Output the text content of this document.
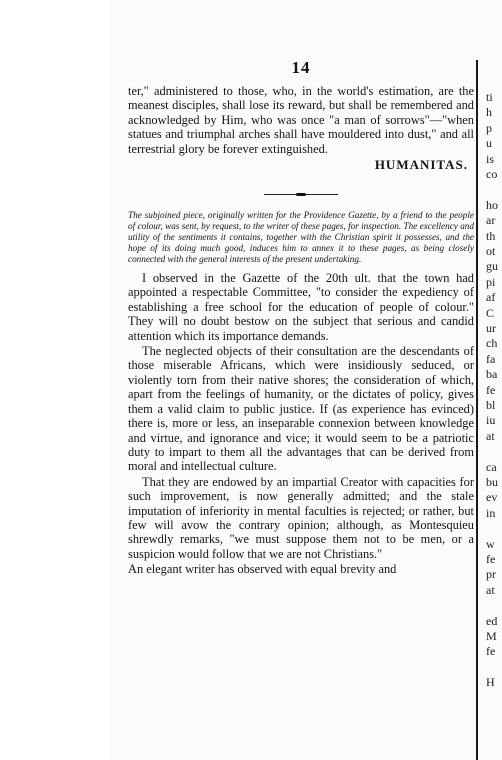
14

ter," administered to those, who, in the world's estimation, are the meanest disciples, shall lose its reward, but shall be remembered and acknowledged by Him, who was once "a man of sorrows"—"when statues and triumphal arches shall have mouldered into dust," and all terrestrial glory be forever extinguished.

HUMANITAS.

The subjoined piece, originally written for the Providence Gazette, by a friend to the people of colour, was sent, by request, to the writer of these pages, for inspection. The excellency and utility of the sentiments it contains, together with the Christian spirit it possesses, and the hope of its doing much good, induces him to annex it to these pages, as being closely connected with the general interests of the present undertaking.

I observed in the Gazette of the 20th ult. that the town had appointed a respectable Committee, "to consider the expediency of establishing a free school for the education of people of colour." They will no doubt bestow on the subject that serious and candid attention which its importance demands.

The neglected objects of their consultation are the descendants of those miserable Africans, which were insidiously seduced, or violently torn from their native shores; the consideration of which, apart from the feelings of humanity, or the dictates of policy, gives them a valid claim to public justice. If (as experience has evinced) there is, more or less, an inseparable connexion between knowledge and virtue, and ignorance and vice; it would seem to be a patriotic duty to impart to them all the advantages that can be derived from moral and intellectual culture.

That they are endowed by an impartial Creator with capacities for such improvement, is now generally admitted; and the stale imputation of inferiority in mental faculties is rejected; or rather, but few will avow the contrary opinion; although, as Montesquieu shrewdly remarks, "we must suppose them not to be men, or a suspicion would follow that we are not Christians."

An elegant writer has observed with equal brevity and

ti
h
p
u
is
co
ho
ar
th
ot
gu
pi
af
C
ur
ch
fa
ba
fe
bl
iu
at
ca
bu
ev
in
w
fe
pr
at
ed
M
fe
H
